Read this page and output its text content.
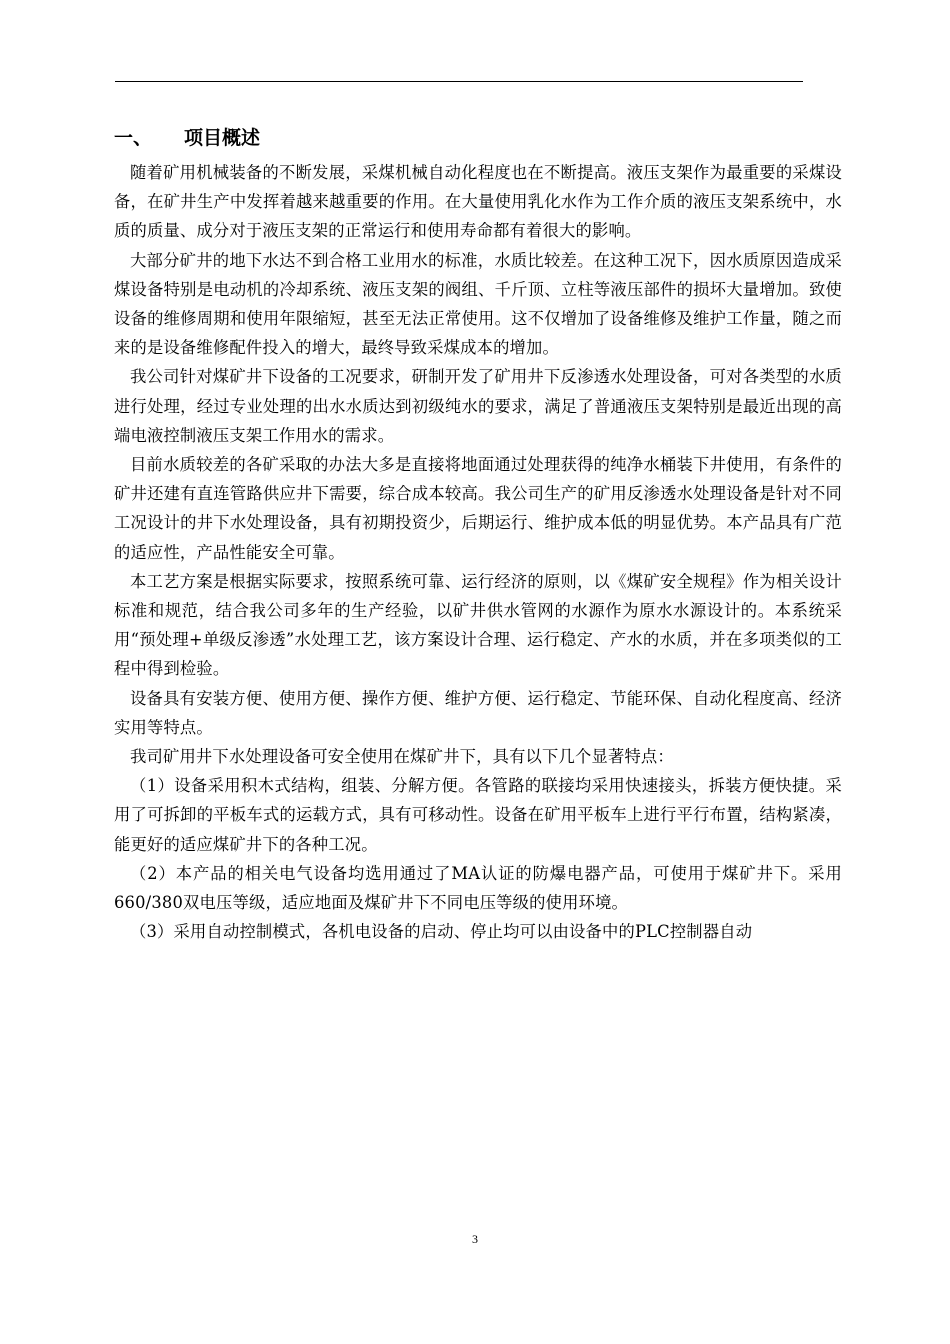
一、	项目概述

随着矿用机械装备的不断发展，采煤机械自动化程度也在不断提高。液压支架作为最重要的采煤设备，在矿井生产中发挥着越来越重要的作用。在大量使用乳化水作为工作介质的液压支架系统中，水质的质量、成分对于液压支架的正常运行和使用寿命都有着很大的影响。

大部分矿井的地下水达不到合格工业用水的标准，水质比较差。在这种工况下，因水质原因造成采煤设备特别是电动机的冷却系统、液压支架的阀组、千斤顶、立柱等液压部件的损坏大量增加。致使设备的维修周期和使用年限缩短，甚至无法正常使用。这不仅增加了设备维修及维护工作量，随之而来的是设备维修配件投入的增大，最终导致采煤成本的增加。

我公司针对煤矿井下设备的工况要求，研制开发了矿用井下反渗透水处理设备，可对各类型的水质进行处理，经过专业处理的出水水质达到初级纯水的要求，满足了普通液压支架特别是最近出现的高端电液控制液压支架工作用水的需求。

目前水质较差的各矿采取的办法大多是直接将地面通过处理获得的纯净水桶装下井使用，有条件的矿井还建有直连管路供应井下需要，综合成本较高。我公司生产的矿用反渗透水处理设备是针对不同工况设计的井下水处理设备，具有初期投资少，后期运行、维护成本低的明显优势。本产品具有广范的适应性，产品性能安全可靠。

本工艺方案是根据实际要求，按照系统可靠、运行经济的原则，以《煤矿安全规程》作为相关设计标准和规范，结合我公司多年的生产经验，以矿井供水管网的水源作为原水水源设计的。本系统采用“预处理+单级反渗透”水处理工艺，该方案设计合理、运行稳定、产水的水质，并在多项类似的工程中得到检验。

设备具有安装方便、使用方便、操作方便、维护方便、运行稳定、节能环保、自动化程度高、经济实用等特点。

我司矿用井下水处理设备可安全使用在煤矿井下，具有以下几个显著特点：

（1）设备采用积木式结构，组装、分解方便。各管路的联接均采用快速接头，拆装方便快捷。采用了可拆卸的平板车式的运载方式，具有可移动性。设备在矿用平板车上进行平行布置，结构紧凑，能更好的适应煤矿井下的各种工况。

（2）本产品的相关电气设备均选用通过了MA认证的防爆电器产品，可使用于煤矿井下。采用660/380双电压等级，适应地面及煤矿井下不同电压等级的使用环境。

（3）采用自动控制模式，各机电设备的启动、停止均可以由设备中的PLC控制器自动

3
